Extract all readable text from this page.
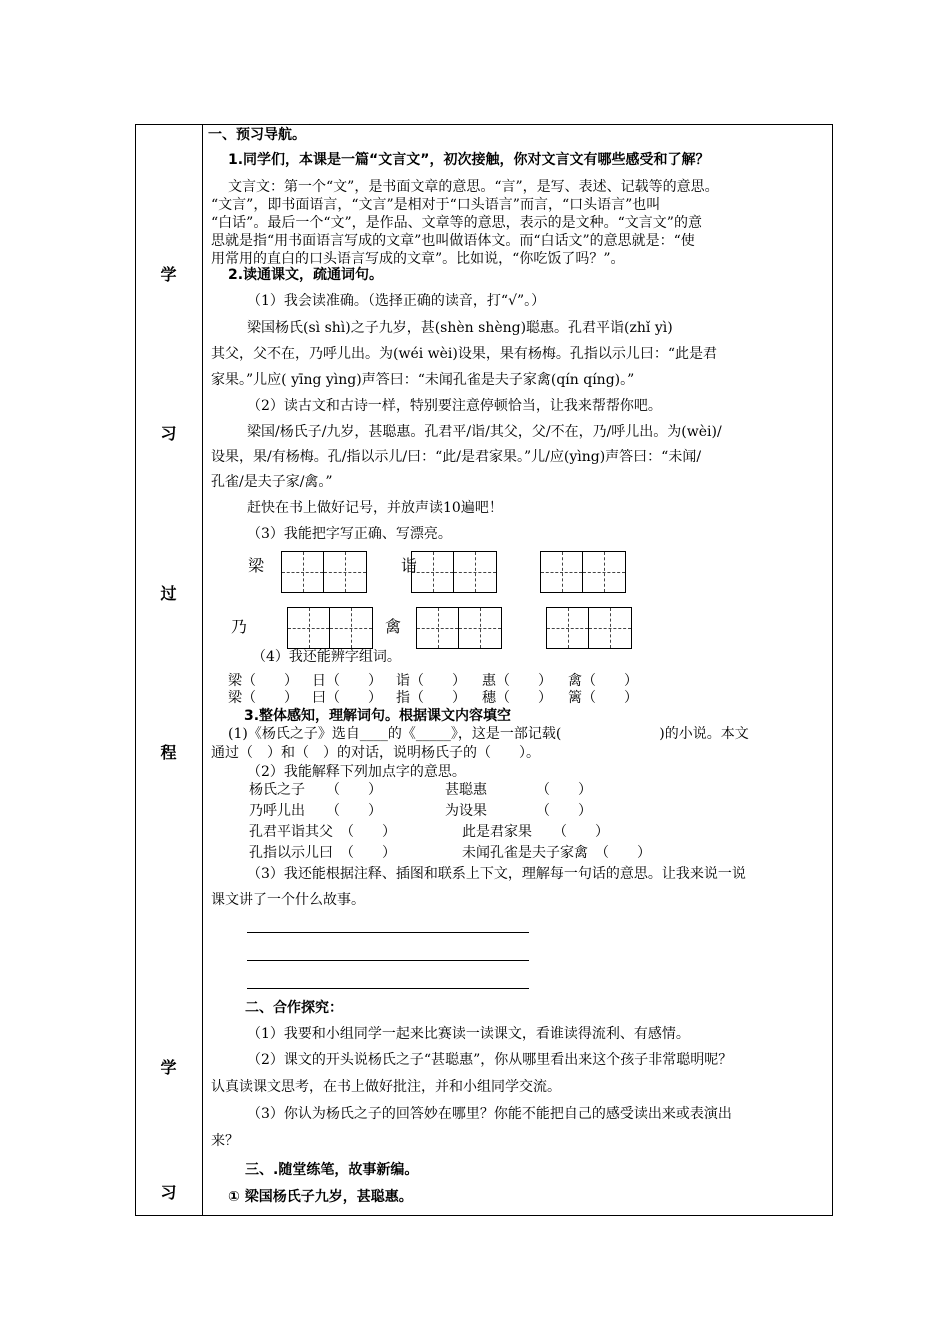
学
习
过
程
学
习
一、预习导航。
1.同学们，本课是一篇“文言文”，初次接触，你对文言文有哪些感受和了解？
文言文：第一个“文”，是书面文章的意思。“言”，是写、表述、记载等的意思。
“文言”，即书面语言，“文言”是相对于“口头语言”而言，“口头语言”也叫
“白话”。最后一个“文”，是作品、文章等的意思，表示的是文种。“文言文”的意
思就是指“用书面语言写成的文章”也叫做语体文。而“白话文”的意思就是：“使
用常用的直白的口头语言写成的文章”。比如说，“你吃饭了吗？”。
2.读通课文，疏通词句。
（1）我会读准确。（选择正确的读音，打“√”。）
梁国杨氏(sì shì)之子九岁，甚(shèn shèng)聪惠。孔君平诣(zhǐ yì)
其父，父不在，乃呼儿出。为(wéi wèi)设果，果有杨梅。孔指以示儿曰：“此是君
家果。”儿应( yīng yìng)声答曰：“未闻孔雀是夫子家禽(qín qíng)。”
（2）读古文和古诗一样，特别要注意停顿恰当，让我来帮帮你吧。
梁国/杨氏子/九岁，甚聪惠。孔君平/诣/其父，父/不在，乃/呼儿出。为(wèi)/
设果，果/有杨梅。孔/指以示儿/曰：“此/是君家果。”儿/应(yìng)声答曰：“未闻/
孔雀/是夫子家/禽。”
赶快在书上做好记号，并放声读10遍吧！
（3）我能把字写正确、写漂亮。
梁	诣
乃	禽
（4）我还能辨字组词。
梁（　　） 日（　　） 诣（　　） 惠（　　） 禽（　　）
梁（　　） 曰（　　） 指（　　） 穗（　　） 篱（　　）
3.整体感知，理解词句。根据课文内容填空
(1)《杨氏之子》选自____的《_____》，这是一部记载(　　　　　　　)的小说。本文
通过（　）和（　）的对话，说明杨氏子的（　　）。
（2）我能解释下列加点字的意思。
杨氏之子　　（　　）	甚聪惠　　　　（　　）
乃呼儿出　　（　　）	为设果　　　　（　　）
孔君平诣其父　（　　）	此是君家果　　（　　）
孔指以示儿曰　（　　）	未闻孔雀是夫子家禽　（　　）
（3）我还能根据注释、插图和联系上下文，理解每一句话的意思。让我来说一说
课文讲了一个什么故事。
二、合作探究：
（1）我要和小组同学一起来比赛读一读课文，看谁读得流利、有感情。
（2）课文的开头说杨氏之子“甚聪惠”，你从哪里看出来这个孩子非常聪明呢？
认真读课文思考，在书上做好批注，并和小组同学交流。
（3）你认为杨氏之子的回答妙在哪里？你能不能把自己的感受读出来或表演出
来？
三、.随堂练笔，故事新编。
① 梁国杨氏子九岁，甚聪惠。
